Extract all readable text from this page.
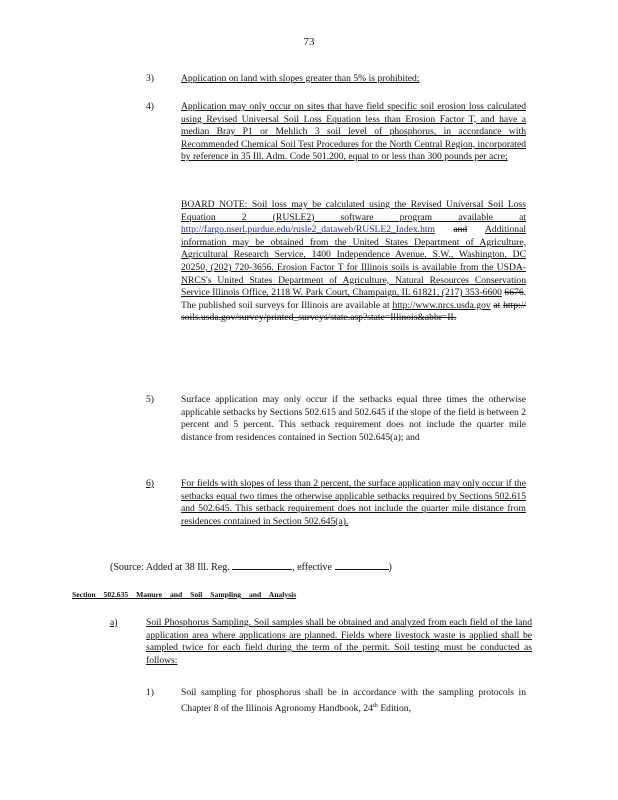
73
3)	Application on land with slopes greater than 5% is prohibited;
4)	Application may only occur on sites that have field specific soil erosion loss calculated using Revised Universal Soil Loss Equation less than Erosion Factor T, and have a median Bray P1 or Mehlich 3 soil level of phosphorus, in accordance with Recommended Chemical Soil Test Procedures for the North Central Region, incorporated by reference in 35 Ill. Adm. Code 501.200, equal to or less than 300 pounds per acre;
BOARD NOTE: Soil loss may be calculated using the Revised Universal Soil Loss Equation 2 (RUSLE2) software program available at http://fargo.nserl.purdue.edu/rusle2_dataweb/RUSLE2_Index.htm and Additional information may be obtained from the United States Department of Agriculture, Agricultural Research Service, 1400 Independence Avenue, S.W., Washington, DC 20250, (202) 720-3656. Erosion Factor T for Illinois soils is available from the USDA-NRCS's United States Department of Agriculture, Natural Resources Conservation Service Illinois Office, 2118 W. Park Court, Champaign, IL 61821, (217) 353-6600 6676. The published soil surveys for Illinois are available at http://www.nrcs.usda.gov at http://soils.usda.gov/survey/printed_surveys/state.asp?state=Illinois&abbr=IL
5)	Surface application may only occur if the setbacks equal three times the otherwise applicable setbacks by Sections 502.615 and 502.645 if the slope of the field is between 2 percent and 5 percent. This setback requirement does not include the quarter mile distance from residences contained in Section 502.645(a); and
6)	For fields with slopes of less than 2 percent, the surface application may only occur if the setbacks equal two times the otherwise applicable setbacks required by Sections 502.615 and 502.645. This setback requirement does not include the quarter mile distance from residences contained in Section 502.645(a).
(Source: Added at 38 Ill. Reg.	, effective	)
Section 502.635 Manure and Soil Sampling and Analysis
a)	Soil Phosphorus Sampling. Soil samples shall be obtained and analyzed from each field of the land application area where applications are planned. Fields where livestock waste is applied shall be sampled twice for each field during the term of the permit. Soil testing must be conducted as follows:
1)	Soil sampling for phosphorus shall be in accordance with the sampling protocols in Chapter 8 of the Illinois Agronomy Handbook, 24th Edition,
